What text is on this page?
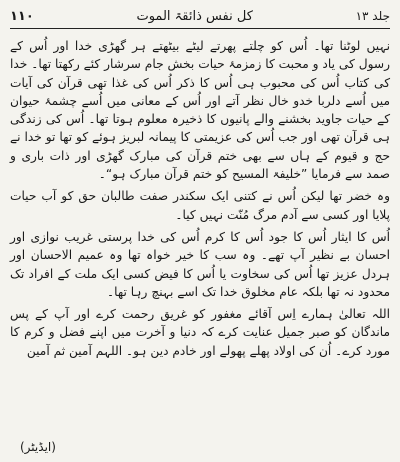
۱۱۰	کل نفس ذائقۃ الموت	جلد ۱۳

نہیں لوٹنا تھا۔ اُس کو چلتے پھرتے لیٹے بیٹھتے ہر گھڑی خدا اور اُس کے رسول کی یاد و محبت کا زمزمۂ حیات بخش جام سرشار کئے رکھتا تھا۔ خدا کی کتاب اُس کی محبوب ہی اُس کا ذکر اُس کی غذا تھی قرآن کی آیات میں اُسے دلربا خدو خال نظر آتے اور اُس کے معانی میں اُسے چشمۂ حیوان کے حیات جاوید بخشنے والے پانیوں کا ذخیرہ معلوم ہوتا تھا۔ اُس کی زندگی ہی قرآن تھی اور جب اُس کی عزیمتی کا پیمانہ لبریز ہوئے کو تھا تو خدا نے حج و قیوم کے ہاں سے بھی ختم قرآن کی مبارک گھڑی اور ذات باری و صمد سے فرمایا ”خلیفۃ المسیح کو ختم قرآن مبارک ہو“۔

وہ خضر تھا لیکن اُس نے کتنی ایک سکندر صفت طالبان حق کو آب حیات پلایا اور کسی سے آدم مرگ مُنّت نہیں کیا۔

اُس کا ایثار اُس کا جود اُس کا کرم اُس کی خدا پرستی غریب نوازی اور احسان بے نظیر آپ تھے۔ وہ سب کا خیر خواہ تھا وہ عمیم الاحسان اور ہردل عزیز تھا اُس کی سخاوت یا اُس کا فیض کسی ایک ملت کے افراد تک محدود نہ تھا بلکہ عام مخلوق خدا تک اسے بہنچ رہا تھا۔

اللہ تعالیٰ ہمارے اِس آقائے مغفور کو غریق رحمت کرے اور آپ کے پس ماندگان کو صبر جمیل عنایت کرے کہ دنیا و آخرت میں اپنے فضل و کرم کا مورد کرے۔ اُن کی اولاد پھلے پھولے اور خادم دین ہو۔ اللہم آمین ثم آمین

(ایڈیٹر)
